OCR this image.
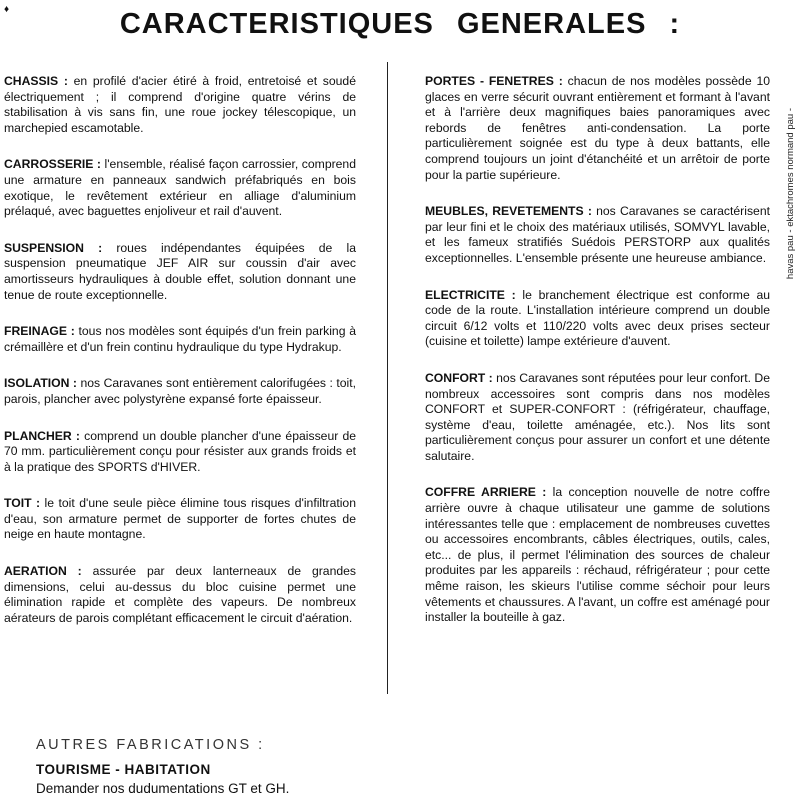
♦	CARACTERISTIQUES GENERALES :

CHASSIS : en profilé d'acier étiré à froid, entretoisé et soudé électriquement ; il comprend d'origine quatre vérins de stabilisation à vis sans fin, une roue jockey télescopique, un marchepied escamotable.

CARROSSERIE : l'ensemble, réalisé façon carrossier, comprend une armature en panneaux sandwich préfabriqués en bois exotique, le revêtement extérieur en alliage d'aluminium prélaqué, avec baguettes enjoliveur et rail d'auvent.

SUSPENSION : roues indépendantes équipées de la suspension pneumatique JEF AIR sur coussin d'air avec amortisseurs hydrauliques à double effet, solution donnant une tenue de route exceptionnelle.

FREINAGE : tous nos modèles sont équipés d'un frein parking à crémaillère et d'un frein continu hydraulique du type Hydrakup.

ISOLATION : nos Caravanes sont entièrement calorifugées : toit, parois, plancher avec polystyrène expansé forte épaisseur.

PLANCHER : comprend un double plancher d'une épaisseur de 70 mm. particulièrement conçu pour résister aux grands froids et à la pratique des SPORTS d'HIVER.

TOIT : le toit d'une seule pièce élimine tous risques d'infiltration d'eau, son armature permet de supporter de fortes chutes de neige en haute montagne.

AERATION : assurée par deux lanterneaux de grandes dimensions, celui au-dessus du bloc cuisine permet une élimination rapide et complète des vapeurs. De nombreux aérateurs de parois complétant efficacement le circuit d'aération.

PORTES - FENETRES : chacun de nos modèles possède 10 glaces en verre sécurit ouvrant entièrement et formant à l'avant et à l'arrière deux magnifiques baies panoramiques avec rebords de fenêtres anti-condensation. La porte particulièrement soignée est du type à deux battants, elle comprend toujours un joint d'étanchéité et un arrêtoir de porte pour la partie supérieure.

MEUBLES, REVETEMENTS : nos Caravanes se caractérisent par leur fini et le choix des matériaux utilisés, SOMVYL lavable, et les fameux stratifiés Suédois PERSTORP aux qualités exceptionnelles. L'ensemble présente une heureuse ambiance.

ELECTRICITE : le branchement électrique est conforme au code de la route. L'installation intérieure comprend un double circuit 6/12 volts et 110/220 volts avec deux prises secteur (cuisine et toilette) lampe extérieure d'auvent.

CONFORT : nos Caravanes sont réputées pour leur confort. De nombreux accessoires sont compris dans nos modèles CONFORT et SUPER-CONFORT : (réfrigérateur, chauffage, système d'eau, toilette aménagée, etc.). Nos lits sont particulièrement conçus pour assurer un confort et une détente salutaire.

COFFRE ARRIERE : la conception nouvelle de notre coffre arrière ouvre à chaque utilisateur une gamme de solutions intéressantes telle que : emplacement de nombreuses cuvettes ou accessoires encombrants, câbles électriques, outils, cales, etc... de plus, il permet l'élimination des sources de chaleur produites par les appareils : réchaud, réfrigérateur ; pour cette même raison, les skieurs l'utilise comme séchoir pour leurs vêtements et chaussures. A l'avant, un coffre est aménagé pour installer la bouteille à gaz.

havas pau - ektachromes normand pau -
AUTRES FABRICATIONS :
TOURISME - HABITATION
Demander nos dudumentations GT et GH.
